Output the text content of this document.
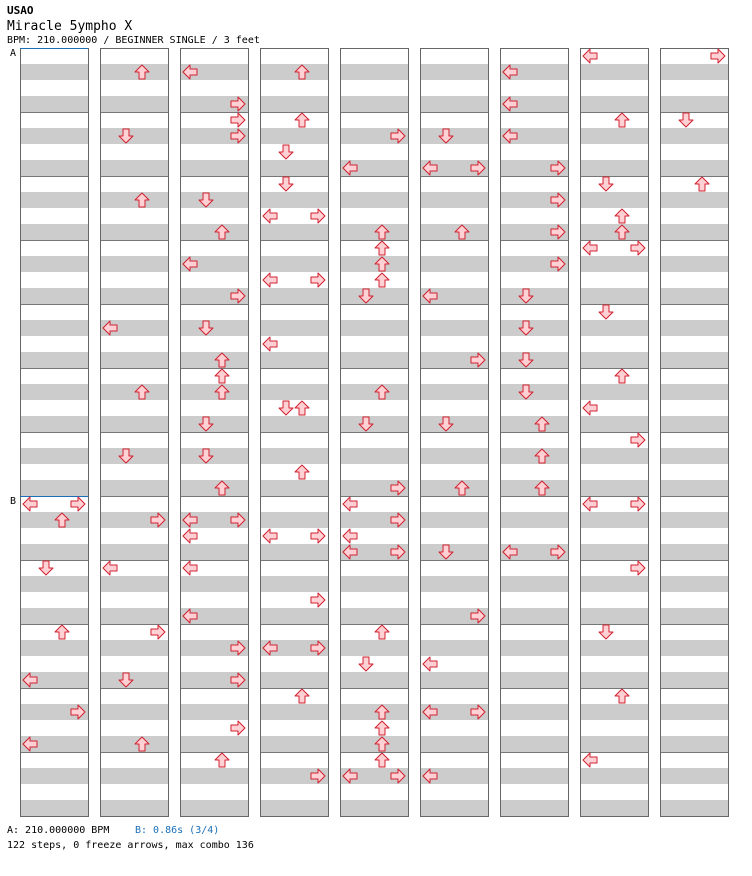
USAO
Miracle 5ympho X
BPM: 210.000000 / BEGINNER SINGLE / 3 feet
A
B
A: 210.000000 BPM	B: 0.86s (3/4)
122 steps, 0 freeze arrows, max combo 136
